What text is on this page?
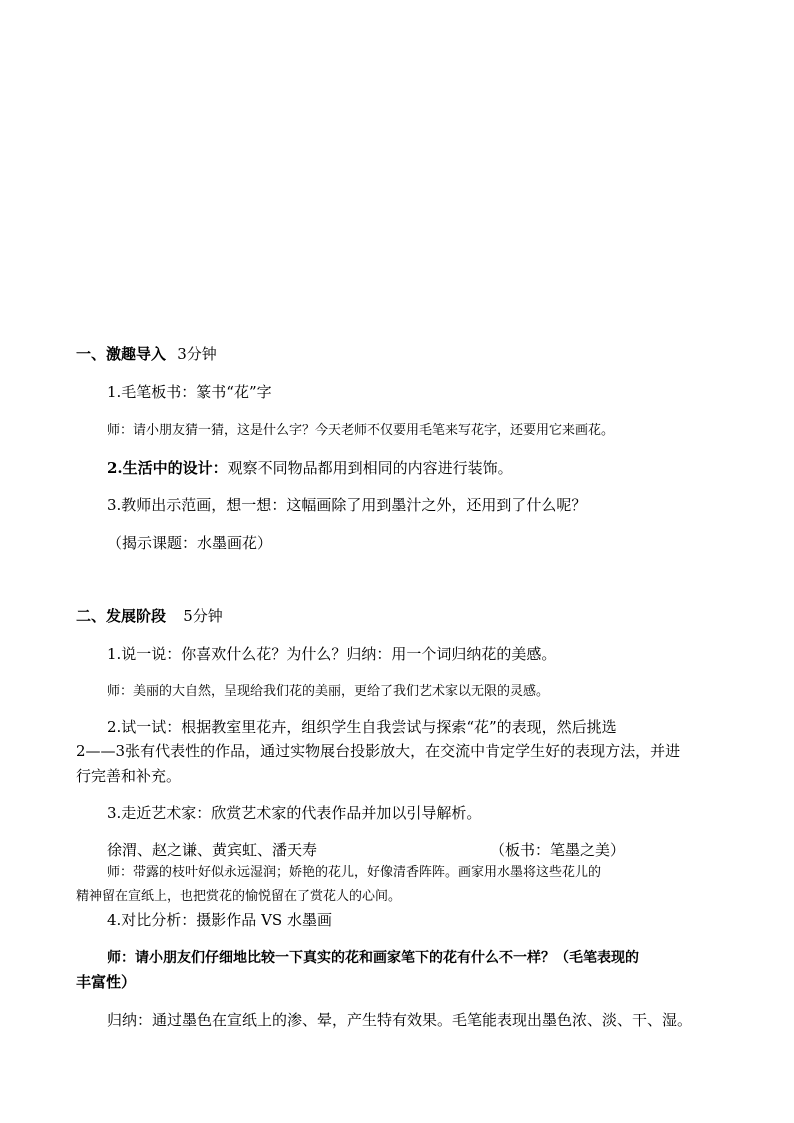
一、激趣导入 3分钟
1.毛笔板书：篆书“花”字
师：请小朋友猜一猜，这是什么字？今天老师不仅要用毛笔来写花字，还要用它来画花。
2.生活中的设计：观察不同物品都用到相同的内容进行装饰。
3.教师出示范画，想一想：这幅画除了用到墨汁之外，还用到了什么呢？
（揭示课题：水墨画花）
二、发展阶段 5分钟
1.说一说：你喜欢什么花？为什么？归纳：用一个词归纳花的美感。
师：美丽的大自然，呈现给我们花的美丽，更给了我们艺术家以无限的灵感。
2.试一试：根据教室里花卉，组织学生自我尝试与探索“花”的表现，然后挑选
2——3张有代表性的作品，通过实物展台投影放大，在交流中肯定学生好的表现方法，并进
行完善和补充。
3.走近艺术家：欣赏艺术家的代表作品并加以引导解析。
徐渭、赵之谦、黄宾虹、潘天寿	（板书：笔墨之美）
师：带露的枝叶好似永远湿润；娇艳的花儿，好像清香阵阵。画家用水墨将这些花儿的
精神留在宣纸上，也把赏花的愉悦留在了赏花人的心间。
4.对比分析：摄影作品 VS 水墨画
师：请小朋友们仔细地比较一下真实的花和画家笔下的花有什么不一样？（毛笔表现的
丰富性）
归纳：通过墨色在宣纸上的渗、晕，产生特有效果。毛笔能表现出墨色浓、淡、干、湿。
